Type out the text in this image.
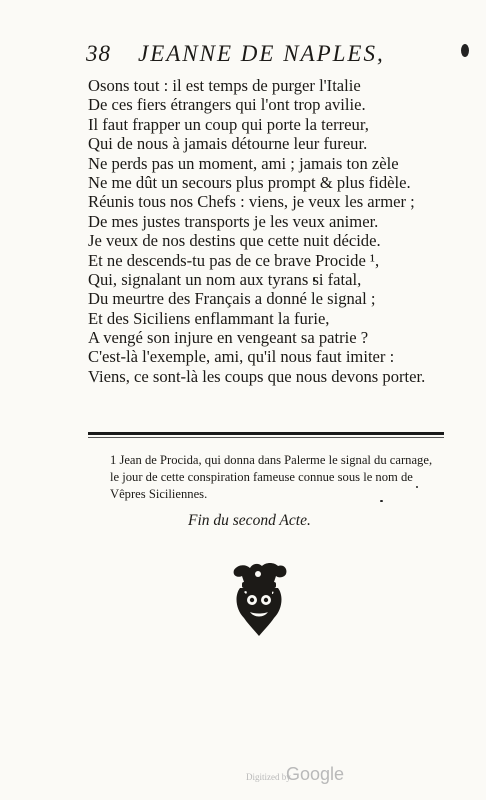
38 JEANNE DE NAPLES,
Osons tout : il est temps de purger l'Italie
De ces fiers étrangers qui l'ont trop avilie.
Il faut frapper un coup qui porte la terreur,
Qui de nous à jamais détourne leur fureur.
Ne perds pas un moment, ami ; jamais ton zèle
Ne me dût un secours plus prompt & plus fidèle.
Réunis tous nos Chefs : viens, je veux les armer ;
De mes justes transports je les veux animer.
Je veux de nos destins que cette nuit décide.
Et ne descends-tu pas de ce brave Procide ¹,
Qui, signalant un nom aux tyrans si fatal,
Du meurtre des Français a donné le signal ;
Et des Siciliens enflammant la furie,
A vengé son injure en vengeant sa patrie ?
C'est-là l'exemple, ami, qu'il nous faut imiter :
Viens, ce sont-là les coups que nous devons porter.
1 Jean de Procida, qui donna dans Palerme le signal du carnage,
le jour de cette conspiration fameuse connue sous le nom de
Vêpres Siciliennes.
Fin du second Acte.
Digitized by
Google
